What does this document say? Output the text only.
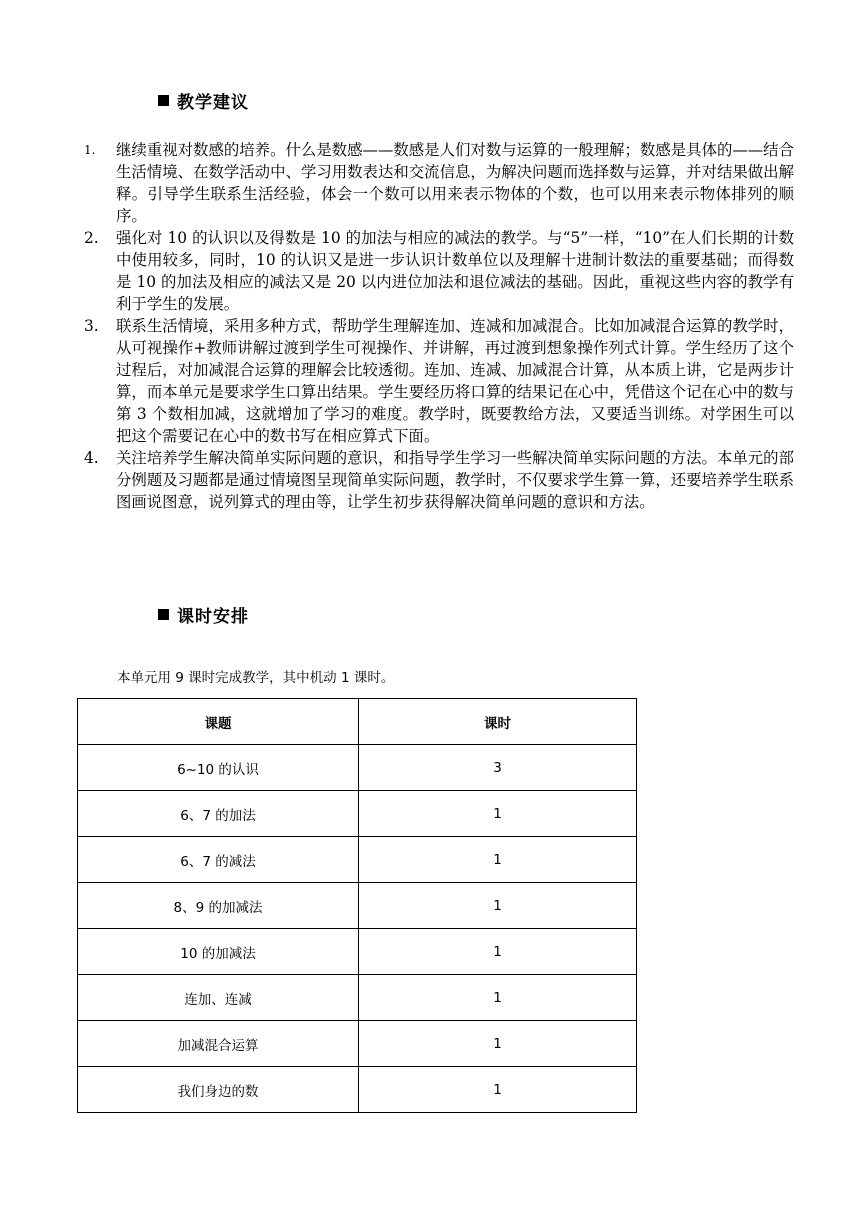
教学建议
1.	继续重视对数感的培养。什么是数感——数感是人们对数与运算的一般理解；数感是具体的——结合生活情境、在数学活动中、学习用数表达和交流信息，为解决问题而选择数与运算，并对结果做出解释。引导学生联系生活经验，体会一个数可以用来表示物体的个数，也可以用来表示物体排列的顺序。
2.	强化对 10 的认识以及得数是 10 的加法与相应的减法的教学。与“5”一样，“10”在人们长期的计数中使用较多，同时，10 的认识又是进一步认识计数单位以及理解十进制计数法的重要基础；而得数是 10 的加法及相应的减法又是 20 以内进位加法和退位减法的基础。因此，重视这些内容的教学有利于学生的发展。
3.	联系生活情境，采用多种方式，帮助学生理解连加、连减和加减混合。比如加减混合运算的教学时，从可视操作+教师讲解过渡到学生可视操作、并讲解，再过渡到想象操作列式计算。学生经历了这个过程后，对加减混合运算的理解会比较透彻。连加、连减、加减混合计算，从本质上讲，它是两步计算，而本单元是要求学生口算出结果。学生要经历将口算的结果记在心中，凭借这个记在心中的数与第 3 个数相加减，这就增加了学习的难度。教学时，既要教给方法，又要适当训练。对学困生可以把这个需要记在心中的数书写在相应算式下面。
4.	关注培养学生解决简单实际问题的意识，和指导学生学习一些解决简单实际问题的方法。本单元的部分例题及习题都是通过情境图呈现简单实际问题，教学时，不仅要求学生算一算，还要培养学生联系图画说图意，说列算式的理由等，让学生初步获得解决简单问题的意识和方法。
课时安排
本单元用 9 课时完成教学，其中机动 1 课时。
课题	课时
6~10 的认识	3
6、7 的加法	1
6、7 的减法	1
8、9 的加减法	1
10 的加减法	1
连加、连减	1
加减混合运算	1
我们身边的数	1
